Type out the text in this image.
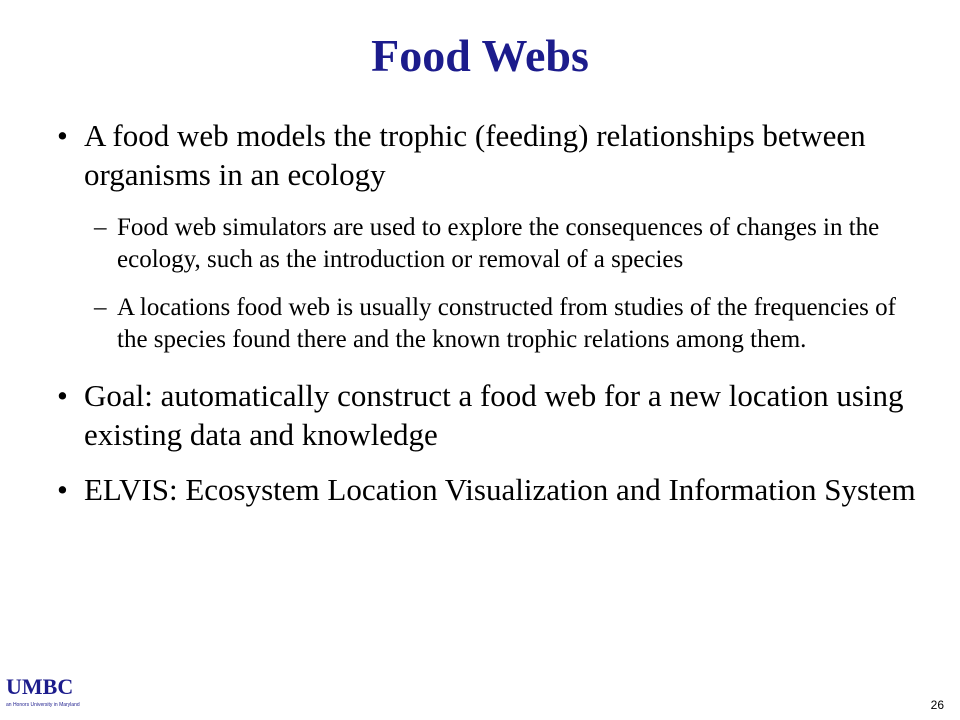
Food Webs
• A food web models the trophic (feeding) relationships between organisms in an ecology
– Food web simulators are used to explore the consequences of changes in the ecology, such as the introduction or removal of a species
– A locations food web is usually constructed from studies of the frequencies of the species found there and the known trophic relations among them.
• Goal: automatically construct a food web for a new location using existing data and knowledge
• ELVIS: Ecosystem Location Visualization and Information System
UMBC
an Honors University in Maryland	26
